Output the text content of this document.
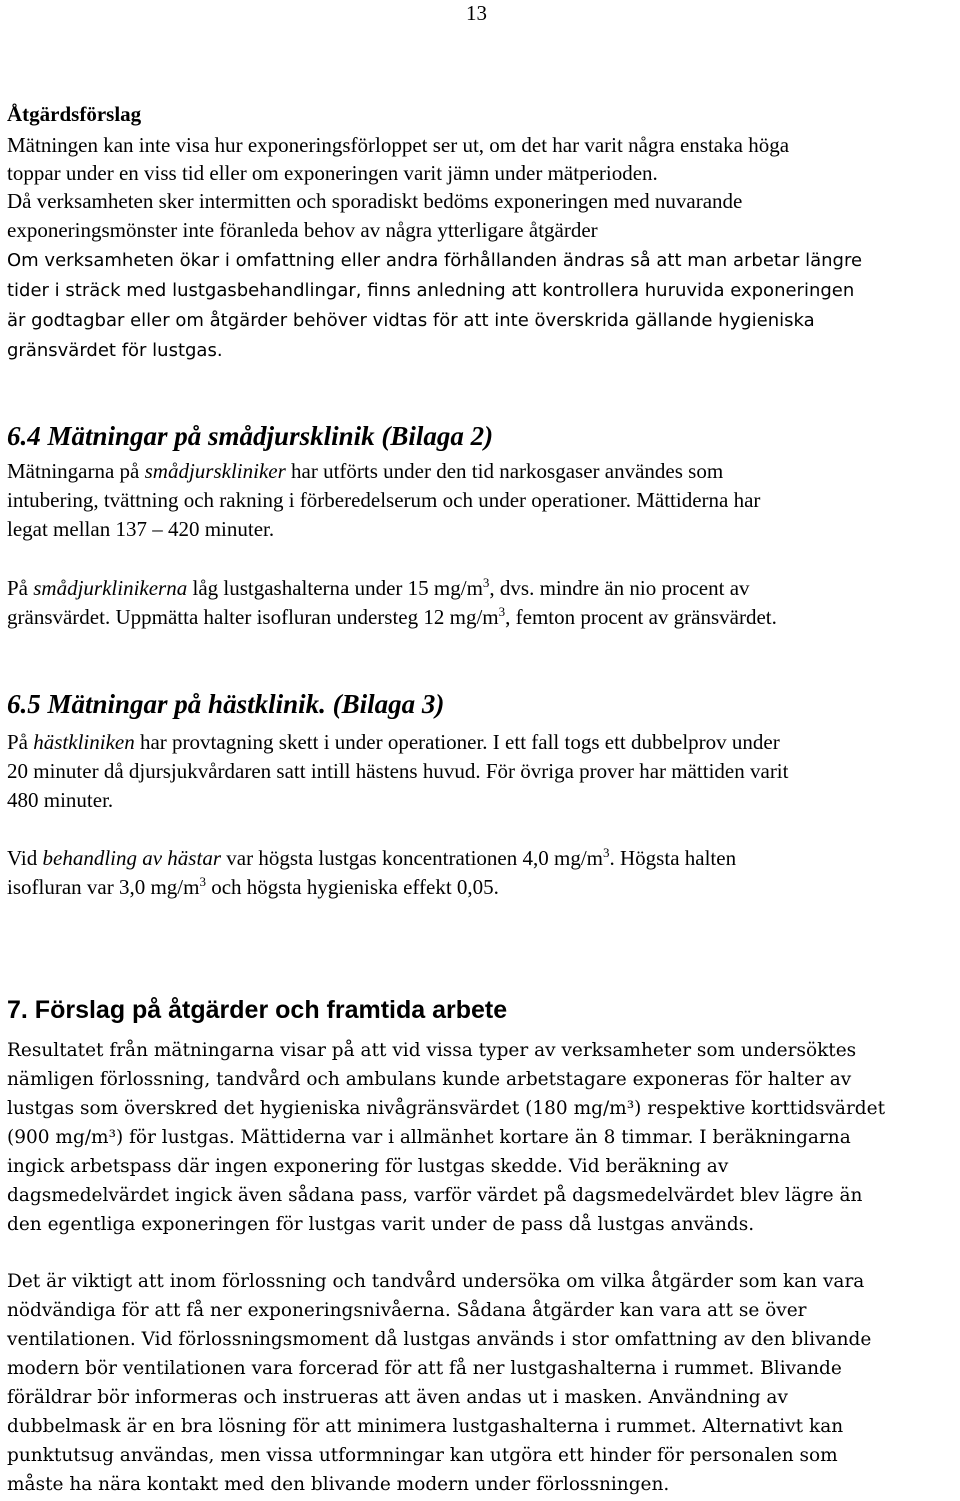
13
Åtgärdsförslag
Mätningen kan inte visa hur exponeringsförloppet ser ut, om det har varit några enstaka höga
toppar under en viss tid eller om exponeringen varit jämn under mätperioden.
Då verksamheten sker intermitten och sporadiskt bedöms exponeringen med nuvarande
exponeringsmönster inte föranleda behov av några ytterligare åtgärder
Om verksamheten ökar i omfattning eller andra förhållanden ändras så att man arbetar längre
tider i sträck med lustgasbehandlingar, finns anledning att kontrollera huruvida exponeringen
är godtagbar eller om åtgärder behöver vidtas för att inte överskrida gällande hygieniska
gränsvärdet för lustgas.
6.4 Mätningar på smådjursklinik (Bilaga 2)
Mätningarna på smådjurskliniker har utförts under den tid narkosgaser användes som
intubering, tvättning och rakning i förberedelserum och under operationer. Mättiderna har
legat mellan 137 – 420 minuter.
På smådjurklinikerna låg lustgashalterna under 15 $mg/m^3$, dvs. mindre än nio procent av
gränsvärdet. Uppmätta halter isofluran understeg 12 $mg/m^3$, femton procent av gränsvärdet.
6.5 Mätningar på hästklinik. (Bilaga 3)
På hästkliniken har provtagning skett i under operationer. I ett fall togs ett dubbelprov under
20 minuter då djursjukvårdaren satt intill hästens huvud. För övriga prover har mättiden varit
480 minuter.
Vid behandling av hästar var högsta lustgas koncentrationen 4,0 $mg/m^3$. Högsta halten
isofluran var 3,0 $mg/m^3$ och högsta hygieniska effekt 0,05.
7. Förslag på åtgärder och framtida arbete
Resultatet från mätningarna visar på att vid vissa typer av verksamheter som undersöktes
nämligen förlossning, tandvård och ambulans kunde arbetstagare exponeras för halter av
lustgas som överskred det hygieniska nivågränsvärdet (180 mg/m³) respektive korttidsvärdet
(900 mg/m³) för lustgas. Mättiderna var i allmänhet kortare än 8 timmar. I beräkningarna
ingick arbetspass där ingen exponering för lustgas skedde. Vid beräkning av
dagsmedelvärdet ingick även sådana pass, varför värdet på dagsmedelvärdet blev lägre än
den egentliga exponeringen för lustgas varit under de pass då lustgas används.
Det är viktigt att inom förlossning och tandvård undersöka om vilka åtgärder som kan vara
nödvändiga för att få ner exponeringsnivåerna. Sådana åtgärder kan vara att se över
ventilationen. Vid förlossningsmoment då lustgas används i stor omfattning av den blivande
modern bör ventilationen vara forcerad för att få ner lustgashalterna i rummet. Blivande
föräldrar bör informeras och instrueras att även andas ut i masken. Användning av
dubbelmask är en bra lösning för att minimera lustgashalterna i rummet. Alternativt kan
punktutsug användas, men vissa utformningar kan utgöra ett hinder för personalen som
måste ha nära kontakt med den blivande modern under förlossningen.
